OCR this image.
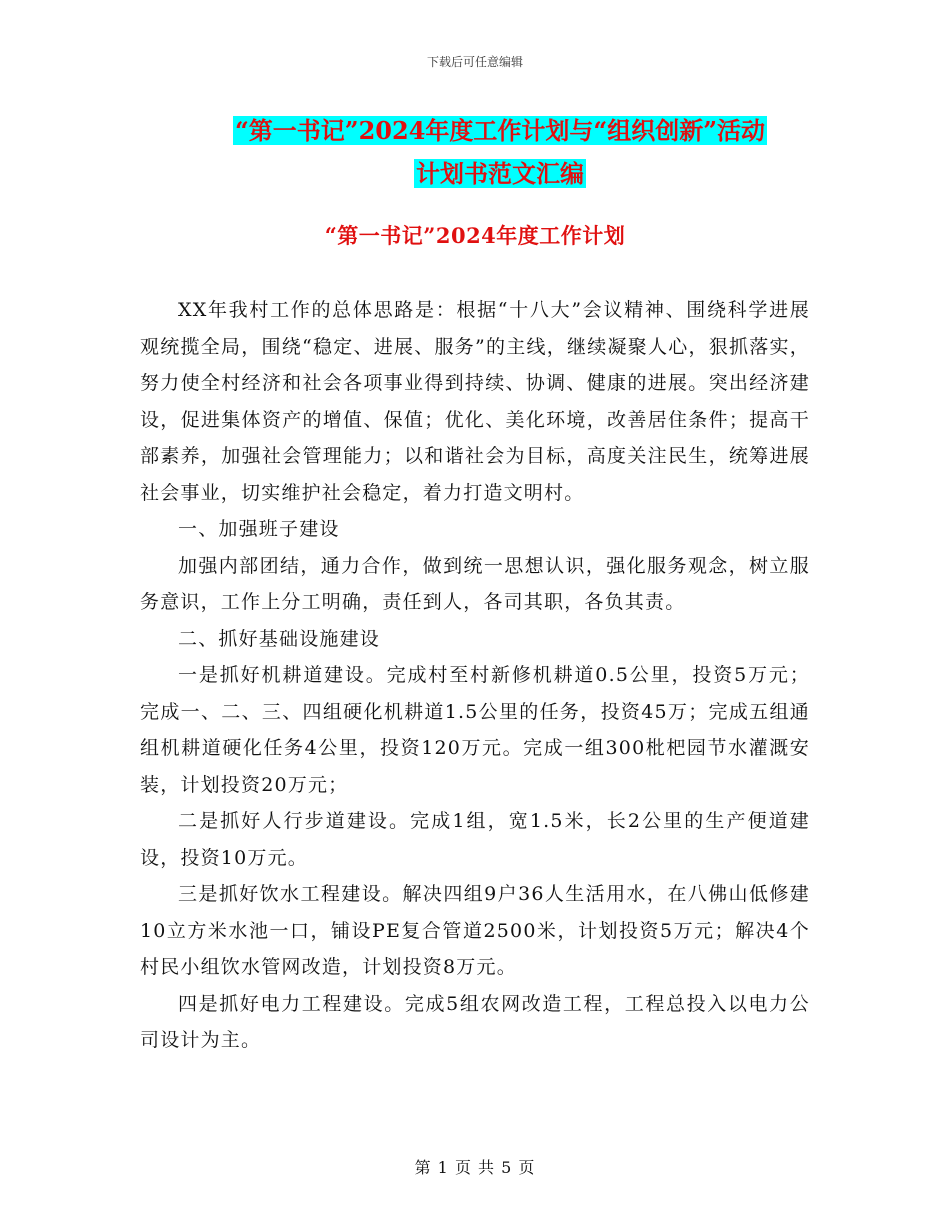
下载后可任意编辑
“第一书记”2024年度工作计划与“组织创新”活动
计划书范文汇编
“第一书记”2024年度工作计划

XX年我村工作的总体思路是：根据“十八大”会议精神、围绕科学进展观统揽全局，围绕“稳定、进展、服务”的主线，继续凝聚人心，狠抓落实，努力使全村经济和社会各项事业得到持续、协调、健康的进展。突出经济建设，促进集体资产的增值、保值；优化、美化环境，改善居住条件；提高干部素养，加强社会管理能力；以和谐社会为目标，高度关注民生，统筹进展社会事业，切实维护社会稳定，着力打造文明村。

一、加强班子建设

加强内部团结，通力合作，做到统一思想认识，强化服务观念，树立服务意识，工作上分工明确，责任到人，各司其职，各负其责。

二、抓好基础设施建设

一是抓好机耕道建设。完成村至村新修机耕道0.5公里，投资5万元；完成一、二、三、四组硬化机耕道1.5公里的任务，投资45万；完成五组通组机耕道硬化任务4公里，投资120万元。完成一组300枇杷园节水灌溉安装，计划投资20万元；

二是抓好人行步道建设。完成1组，宽1.5米，长2公里的生产便道建设，投资10万元。

三是抓好饮水工程建设。解决四组9户36人生活用水，在八佛山低修建10立方米水池一口，铺设PE复合管道2500米，计划投资5万元；解决4个村民小组饮水管网改造，计划投资8万元。

四是抓好电力工程建设。完成5组农网改造工程，工程总投入以电力公司设计为主。

第 1 页 共 5 页
